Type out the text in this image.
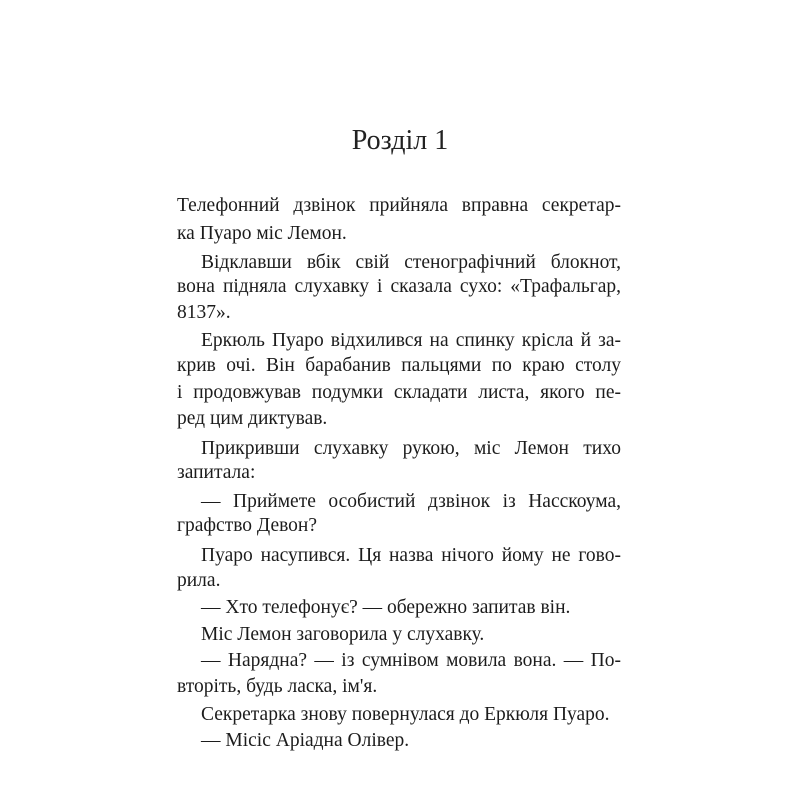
Розділ 1
Телефонний дзвінок прийняла вправна секретар-
ка Пуаро міс Лемон.
Відклавши вбік свій стенографічний блокнот,
вона підняла слухавку і сказала сухо: «Трафальгар,
8137».
Еркюль Пуаро відхилився на спинку крісла й за-
крив очі. Він барабанив пальцями по краю столу
і продовжував подумки складати листа, якого пе-
ред цим диктував.
Прикривши слухавку рукою, міс Лемон тихо
запитала:
— Приймете особистий дзвінок із Насскоума,
графство Девон?
Пуаро насупився. Ця назва нічого йому не гово-
рила.
— Хто телефонує? — обережно запитав він.
Міс Лемон заговорила у слухавку.
— Нарядна? — із сумнівом мовила вона. — По-
вторіть, будь ласка, ім'я.
Секретарка знову повернулася до Еркюля Пуаро.
— Місіс Аріадна Олівер.
